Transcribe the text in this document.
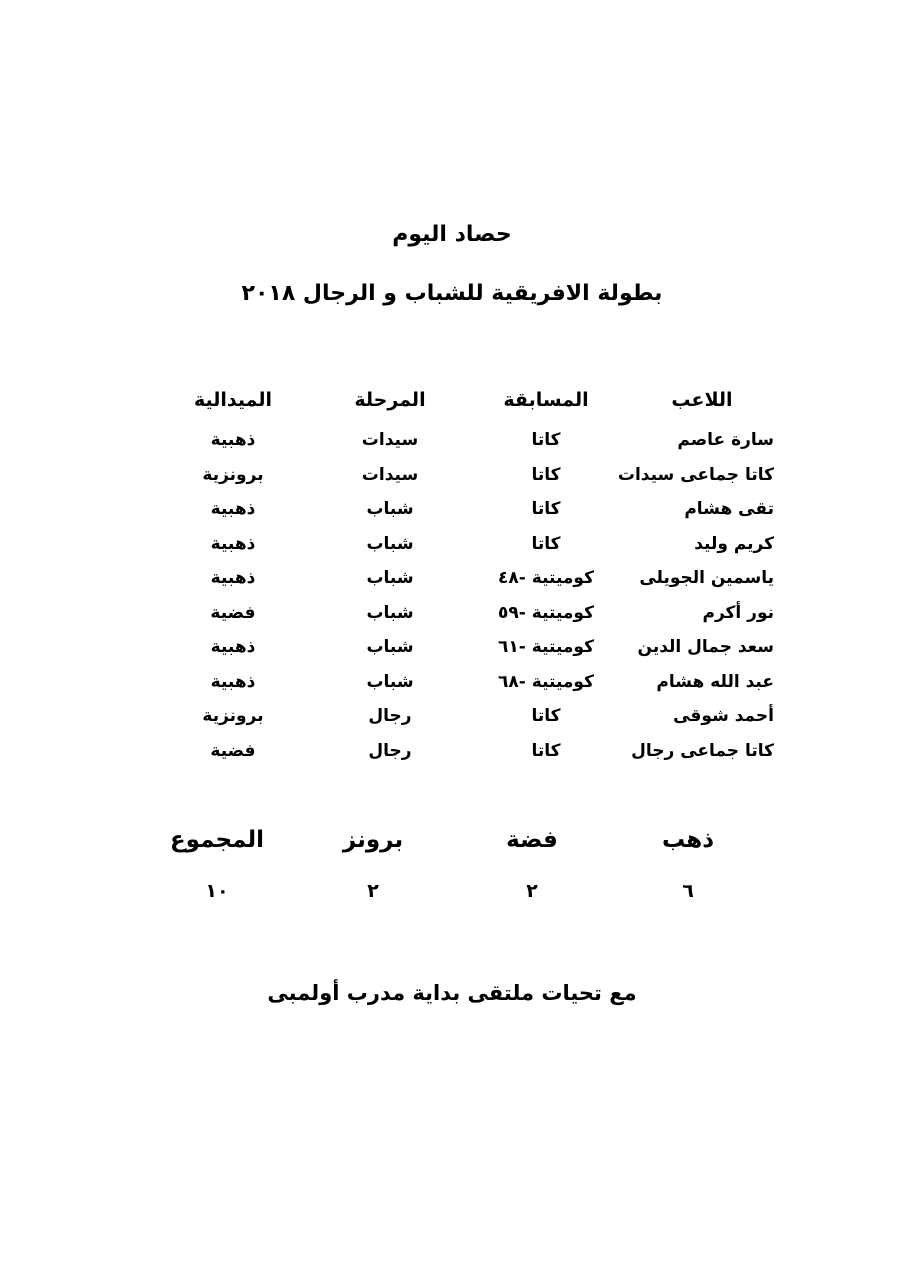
حصاد اليوم
بطولة الافريقية للشباب و الرجال ٢٠١٨
اللاعب
المسابقة
المرحلة
الميدالية
سارة عاصم
كاتا
سيدات
ذهبية
كاتا جماعى سيدات
كاتا
سيدات
برونزية
تقى هشام
كاتا
شباب
ذهبية
كريم وليد
كاتا
شباب
ذهبية
ياسمين الجويلى
كوميتية -٤٨
شباب
ذهبية
نور أكرم
كوميتية -٥٩
شباب
فضية
سعد جمال الدين
كوميتية -٦١
شباب
ذهبية
عبد الله هشام
كوميتية -٦٨
شباب
ذهبية
أحمد شوقى
كاتا
رجال
برونزية
كاتا جماعى رجال
كاتا
رجال
فضية
ذهب
فضة
برونز
المجموع
٦
٢
٢
١٠
مع تحيات ملتقى بداية مدرب أولمبى
